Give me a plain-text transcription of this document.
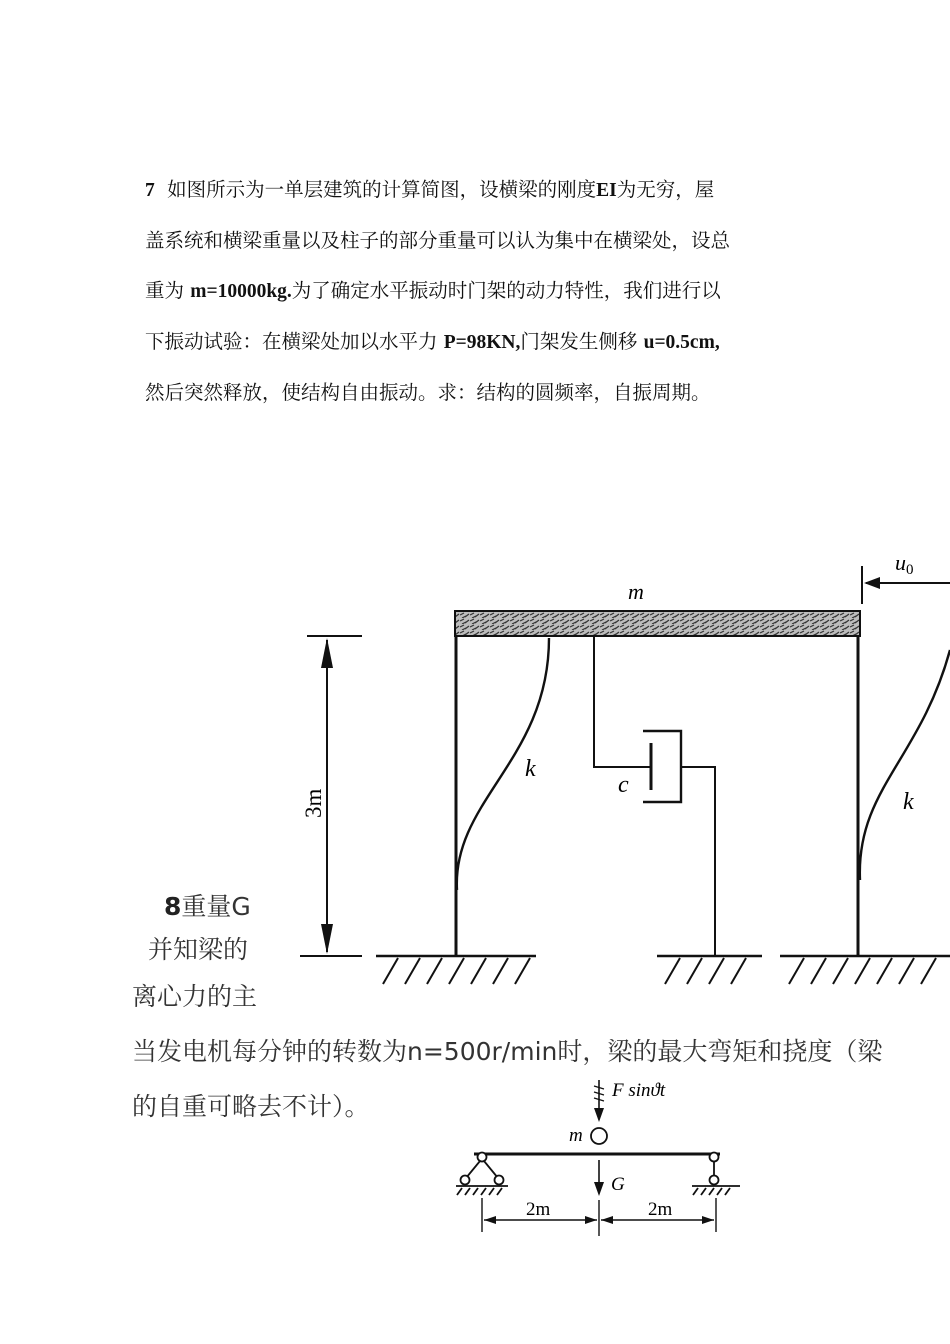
7 如图所示为一单层建筑的计算简图，设横梁的刚度EI为无穷，屋
盖系统和横梁重量以及柱子的部分重量可以认为集中在横梁处，设总
重为 m=10000kg.为了确定水平振动时门架的动力特性，我们进行以
下振动试验：在横梁处加以水平力 P=98KN,门架发生侧移 u=0.5cm,
然后突然释放，使结构自由振动。求：结构的圆频率，自振周期。
8重量G
并知梁的
离心力的主
当发电机每分钟的转数为n=500r/min时，梁的最大弯矩和挠度（梁
的自重可略去不计）。
m
u0
3m
k
c
k
F sinϑt
m
G
2m	2m
